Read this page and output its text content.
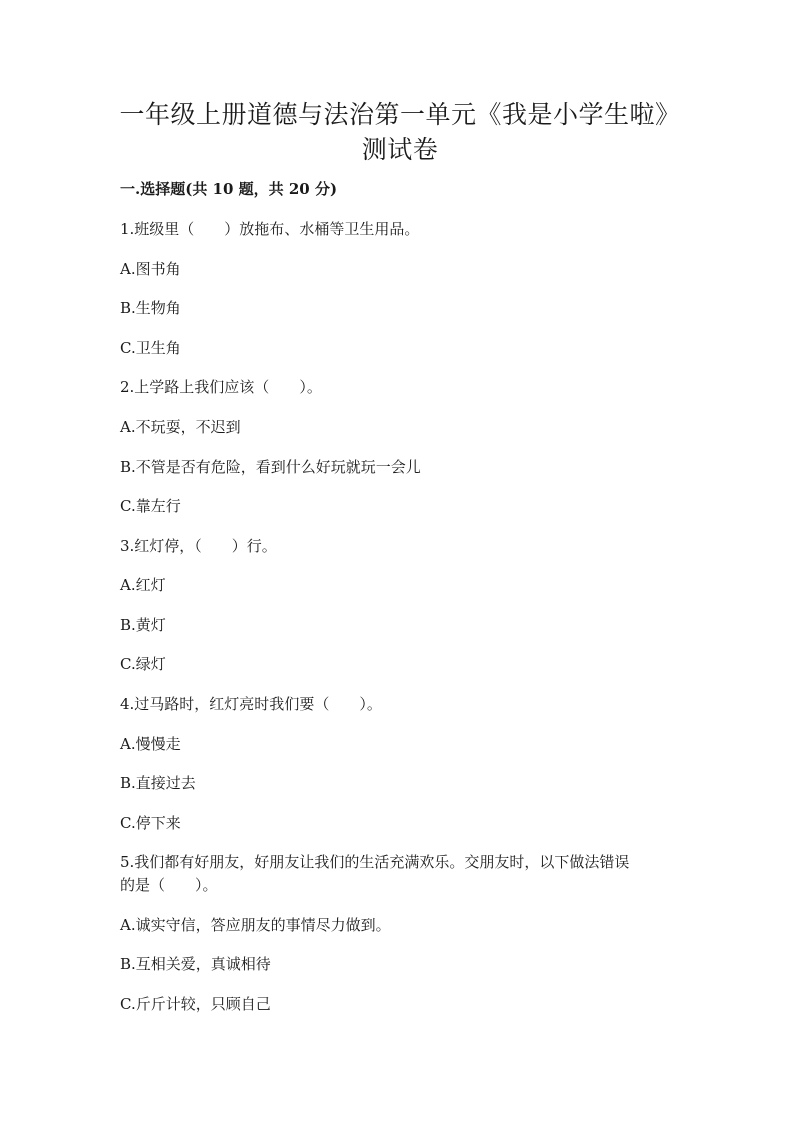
一年级上册道德与法治第一单元《我是小学生啦》
测试卷
一.选择题(共 10 题，共 20 分)
1.班级里（　　）放拖布、水桶等卫生用品。
A.图书角
B.生物角
C.卫生角
2.上学路上我们应该（　　）。
A.不玩耍，不迟到
B.不管是否有危险，看到什么好玩就玩一会儿
C.靠左行
3.红灯停，（　　）行。
A.红灯
B.黄灯
C.绿灯
4.过马路时，红灯亮时我们要（　　）。
A.慢慢走
B.直接过去
C.停下来
5.我们都有好朋友，好朋友让我们的生活充满欢乐。交朋友时，以下做法错误
的是（　　）。
A.诚实守信，答应朋友的事情尽力做到。
B.互相关爱，真诚相待
C.斤斤计较，只顾自己
